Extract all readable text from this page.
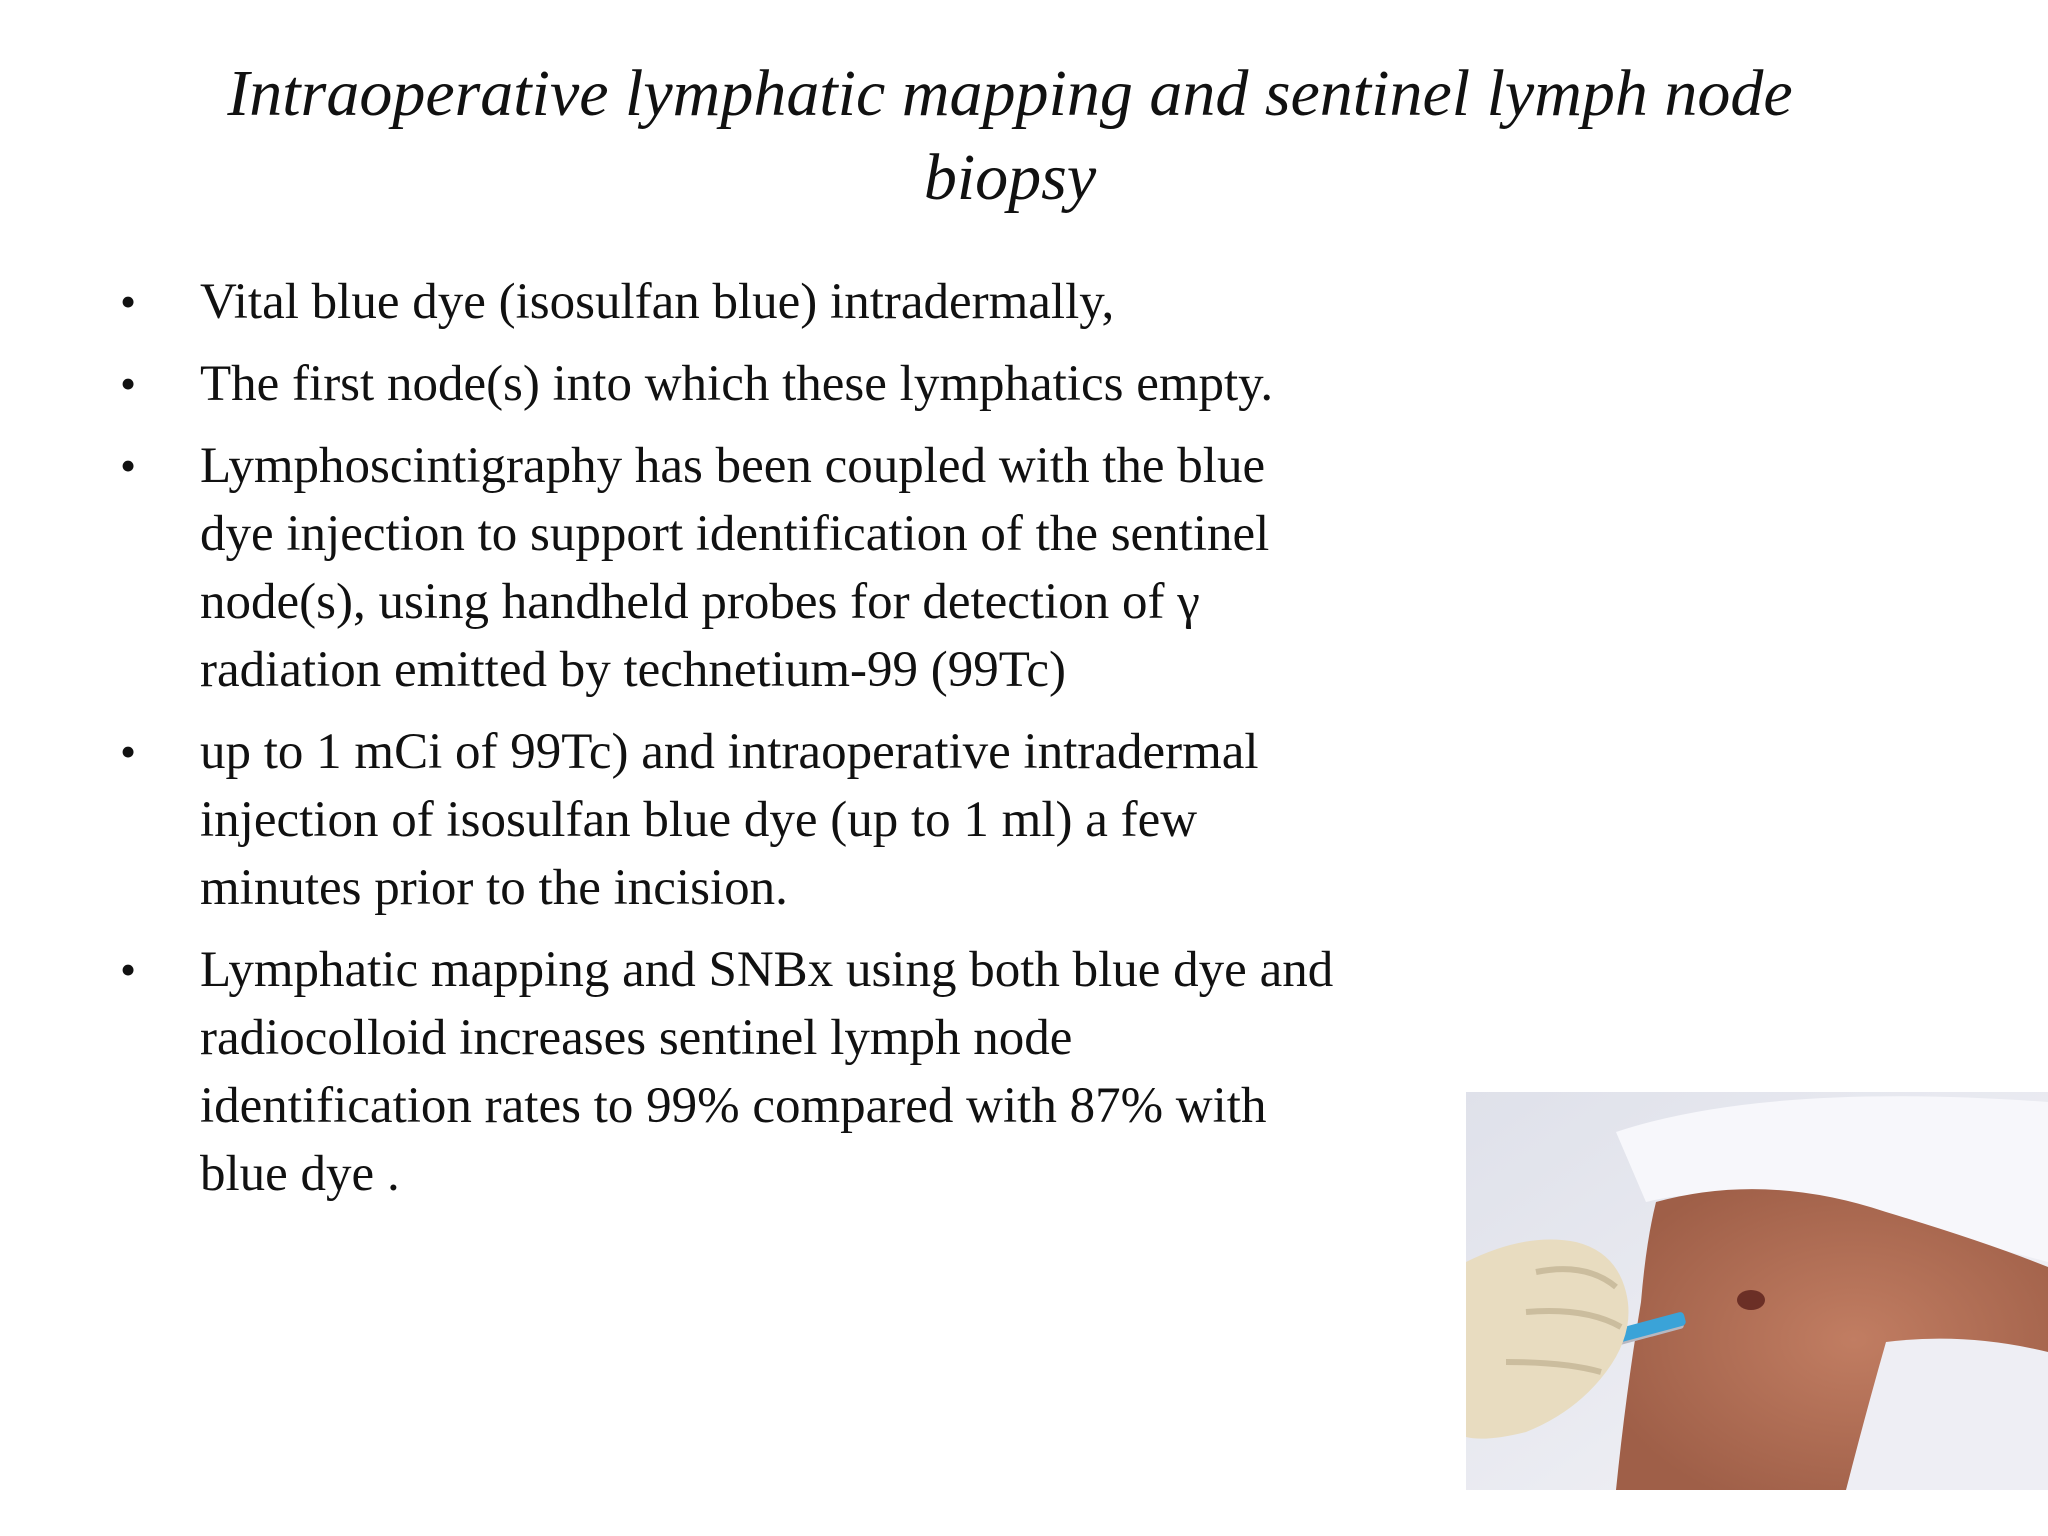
Intraoperative lymphatic mapping and sentinel lymph node biopsy
• Vital blue dye (isosulfan blue) intradermally,
• The first node(s) into which these lymphatics empty.
• Lymphoscintigraphy has been coupled with the blue
dye injection to support identification of the sentinel
node(s), using handheld probes for detection of γ
radiation emitted by technetium-99 (99Tc)
• up to 1 mCi of 99Tc) and intraoperative intradermal
injection of isosulfan blue dye (up to 1 ml) a few
minutes prior to the incision.
• Lymphatic mapping and SNBx using both blue dye and
radiocolloid increases sentinel lymph node
identification rates to 99% compared with 87% with
blue dye .
